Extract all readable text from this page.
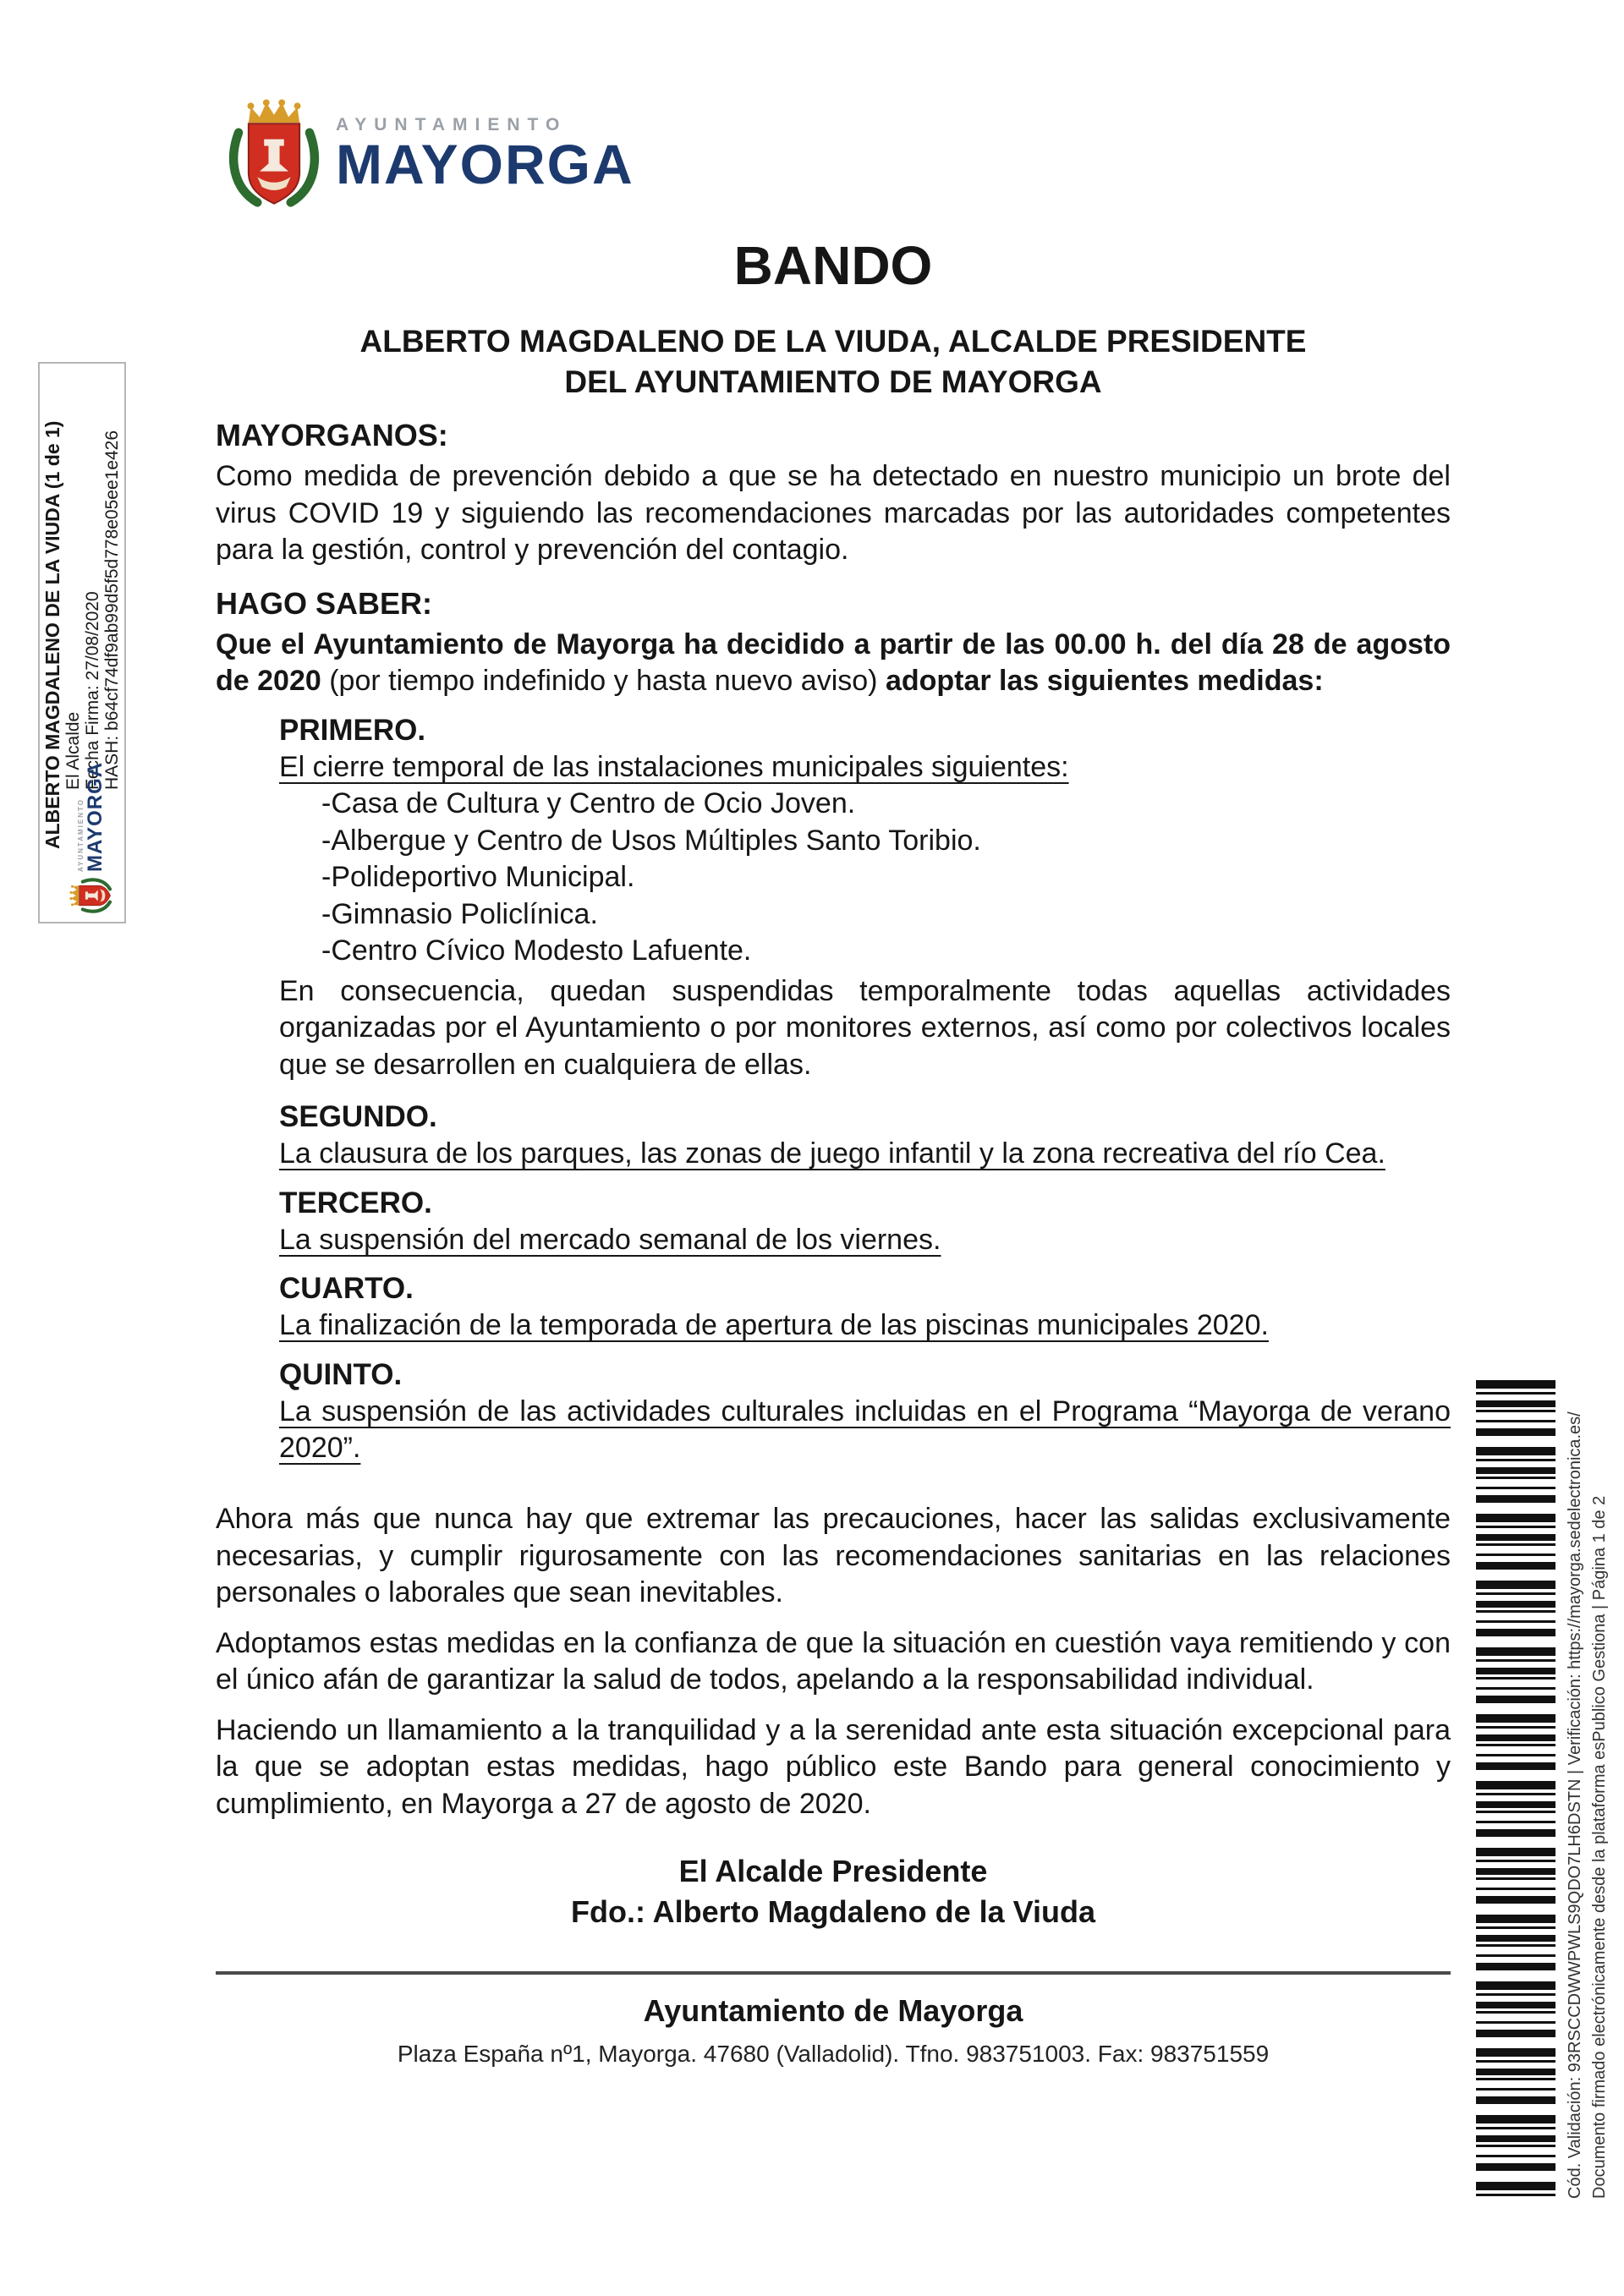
ALBERTO MAGDALENO DE LA VIUDA (1 de 1) El Alcalde Fecha Firma: 27/08/2020 HASH: b64cf74df9ab99d5f5d778e05ee1e426
AYUNTAMIENTO MAYORGA
Cód. Validación: 93RSCCDWWPWLS9QDO7LH6DSTN | Verificación: https://mayorga.sedelectronica.es/ Documento firmado electrónicamente desde la plataforma esPublico Gestiona | Página 1 de 2
AYUNTAMIENTO
MAYORGA
BANDO
ALBERTO MAGDALENO DE LA VIUDA, ALCALDE PRESIDENTE DEL AYUNTAMIENTO DE MAYORGA
MAYORGANOS:

Como medida de prevención debido a que se ha detectado en nuestro municipio un brote del virus COVID 19 y siguiendo las recomendaciones marcadas por las autoridades competentes para la gestión, control y prevención del contagio.

HAGO SABER:

Que el Ayuntamiento de Mayorga ha decidido a partir de las 00.00 h. del día 28 de agosto de 2020 (por tiempo indefinido y hasta nuevo aviso) adoptar las siguientes medidas:

PRIMERO.

El cierre temporal de las instalaciones municipales siguientes:

-Casa de Cultura y Centro de Ocio Joven.
-Albergue y Centro de Usos Múltiples Santo Toribio.
-Polideportivo Municipal.
-Gimnasio Policlínica.
-Centro Cívico Modesto Lafuente.

En consecuencia, quedan suspendidas temporalmente todas aquellas actividades organizadas por el Ayuntamiento o por monitores externos, así como por colectivos locales que se desarrollen en cualquiera de ellas.

SEGUNDO.

La clausura de los parques, las zonas de juego infantil y la zona recreativa del río Cea.

TERCERO.

La suspensión del mercado semanal de los viernes.

CUARTO.

La finalización de la temporada de apertura de las piscinas municipales 2020.

QUINTO.

La suspensión de las actividades culturales incluidas en el Programa “Mayorga de verano 2020”.

Ahora más que nunca hay que extremar las precauciones, hacer las salidas exclusivamente necesarias, y cumplir rigurosamente con las recomendaciones sanitarias en las relaciones personales o laborales que sean inevitables.

Adoptamos estas medidas en la confianza de que la situación en cuestión vaya remitiendo y con el único afán de garantizar la salud de todos, apelando a la responsabilidad individual.

Haciendo un llamamiento a la tranquilidad y a la serenidad ante esta situación excepcional para la que se adoptan estas medidas, hago público este Bando para general conocimiento y cumplimiento, en Mayorga a 27 de agosto de 2020.

El Alcalde Presidente
Fdo.: Alberto Magdaleno de la Viuda
Ayuntamiento de Mayorga
Plaza España nº1, Mayorga. 47680 (Valladolid). Tfno. 983751003. Fax: 983751559
